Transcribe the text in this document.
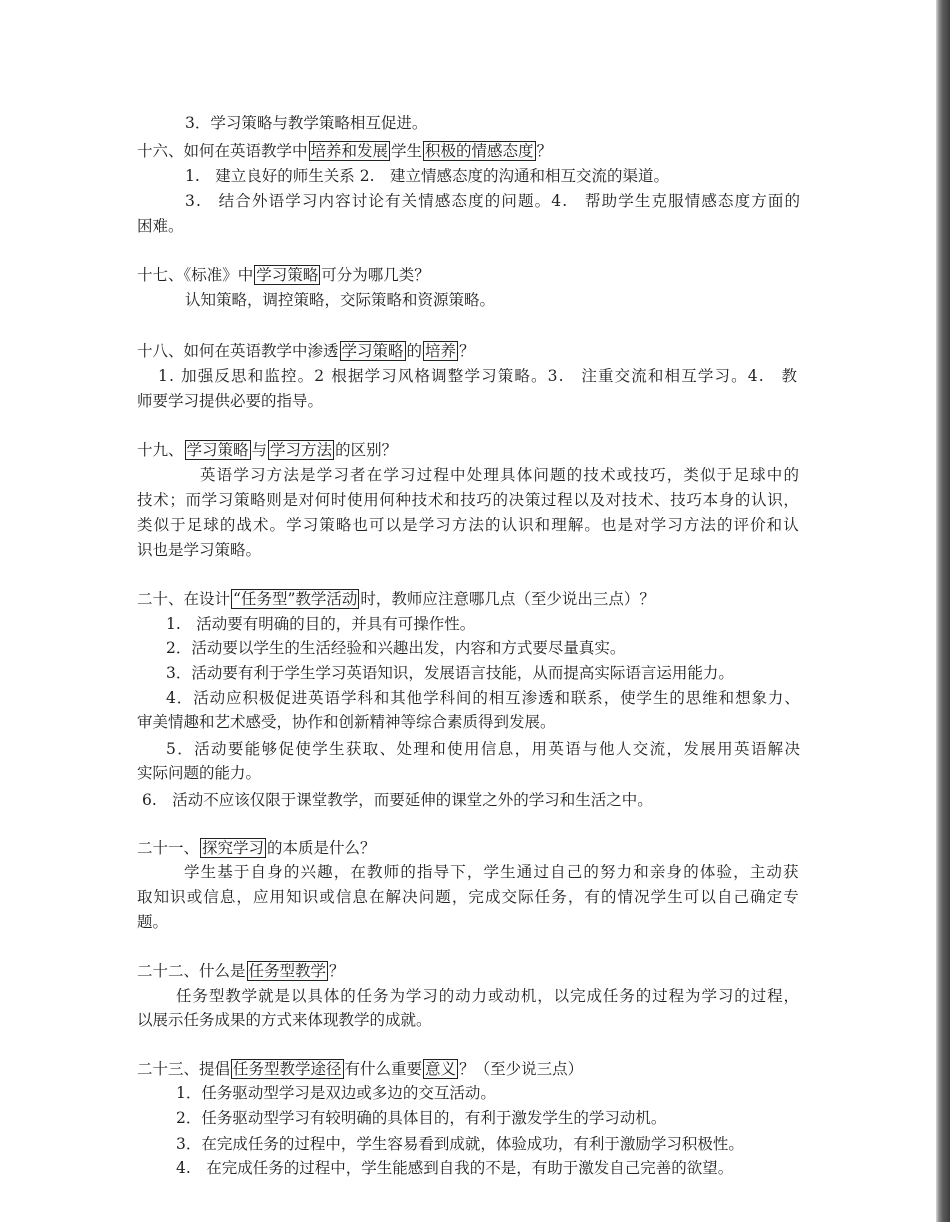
3．学习策略与教学策略相互促进。

十六、如何在英语教学中 培养和发展 学生 积极的情感态度 ？

1.　建立良好的师生关系 2.　建立情感态度的沟通和相互交流的渠道。

3.　结合外语学习内容讨论有关情感态度的问题。4.　帮助学生克服情感态度方面的

困难。

十七、《标准》中 学习策略 可分为哪几类？

认知策略，调控策略，交际策略和资源策略。

十八、如何在英语教学中渗透 学习策略 的 培养 ？

1. 加强反思和监控。2 根据学习风格调整学习策略。3.　注重交流和相互学习。4.　教

师要学习提供必要的指导。

十九、 学习策略 与 学习方法 的区别？

英语学习方法是学习者在学习过程中处理具体问题的技术或技巧，类似于足球中的

技术；而学习策略则是对何时使用何种技术和技巧的决策过程以及对技术、技巧本身的认识，

类似于足球的战术。学习策略也可以是学习方法的认识和理解。也是对学习方法的评价和认

识也是学习策略。

二十、在设计 “任务型”教学活动 时，教师应注意哪几点（至少说出三点）？

1.　活动要有明确的目的，并具有可操作性。

2．活动要以学生的生活经验和兴趣出发，内容和方式要尽量真实。

3．活动要有利于学生学习英语知识，发展语言技能，从而提高实际语言运用能力。

4．活动应积极促进英语学科和其他学科间的相互渗透和联系，使学生的思维和想象力、

审美情趣和艺术感受，协作和创新精神等综合素质得到发展。

5．活动要能够促使学生获取、处理和使用信息，用英语与他人交流，发展用英语解决

实际问题的能力。

6.　活动不应该仅限于课堂教学，而要延伸的课堂之外的学习和生活之中。

二十一、 探究学习 的本质是什么？

学生基于自身的兴趣，在教师的指导下，学生通过自己的努力和亲身的体验，主动获

取知识或信息，应用知识或信息在解决问题，完成交际任务，有的情况学生可以自己确定专

题。

二十二、什么是 任务型教学 ？

任务型教学就是以具体的任务为学习的动力或动机，以完成任务的过程为学习的过程，

以展示任务成果的方式来体现教学的成就。

二十三、提倡 任务型教学途径 有什么重要 意义 ？（至少说三点）

1．任务驱动型学习是双边或多边的交互活动。

2．任务驱动型学习有较明确的具体目的，有利于激发学生的学习动机。

3．在完成任务的过程中，学生容易看到成就，体验成功，有利于激励学习积极性。

4.　在完成任务的过程中，学生能感到自我的不是，有助于激发自己完善的欲望。
